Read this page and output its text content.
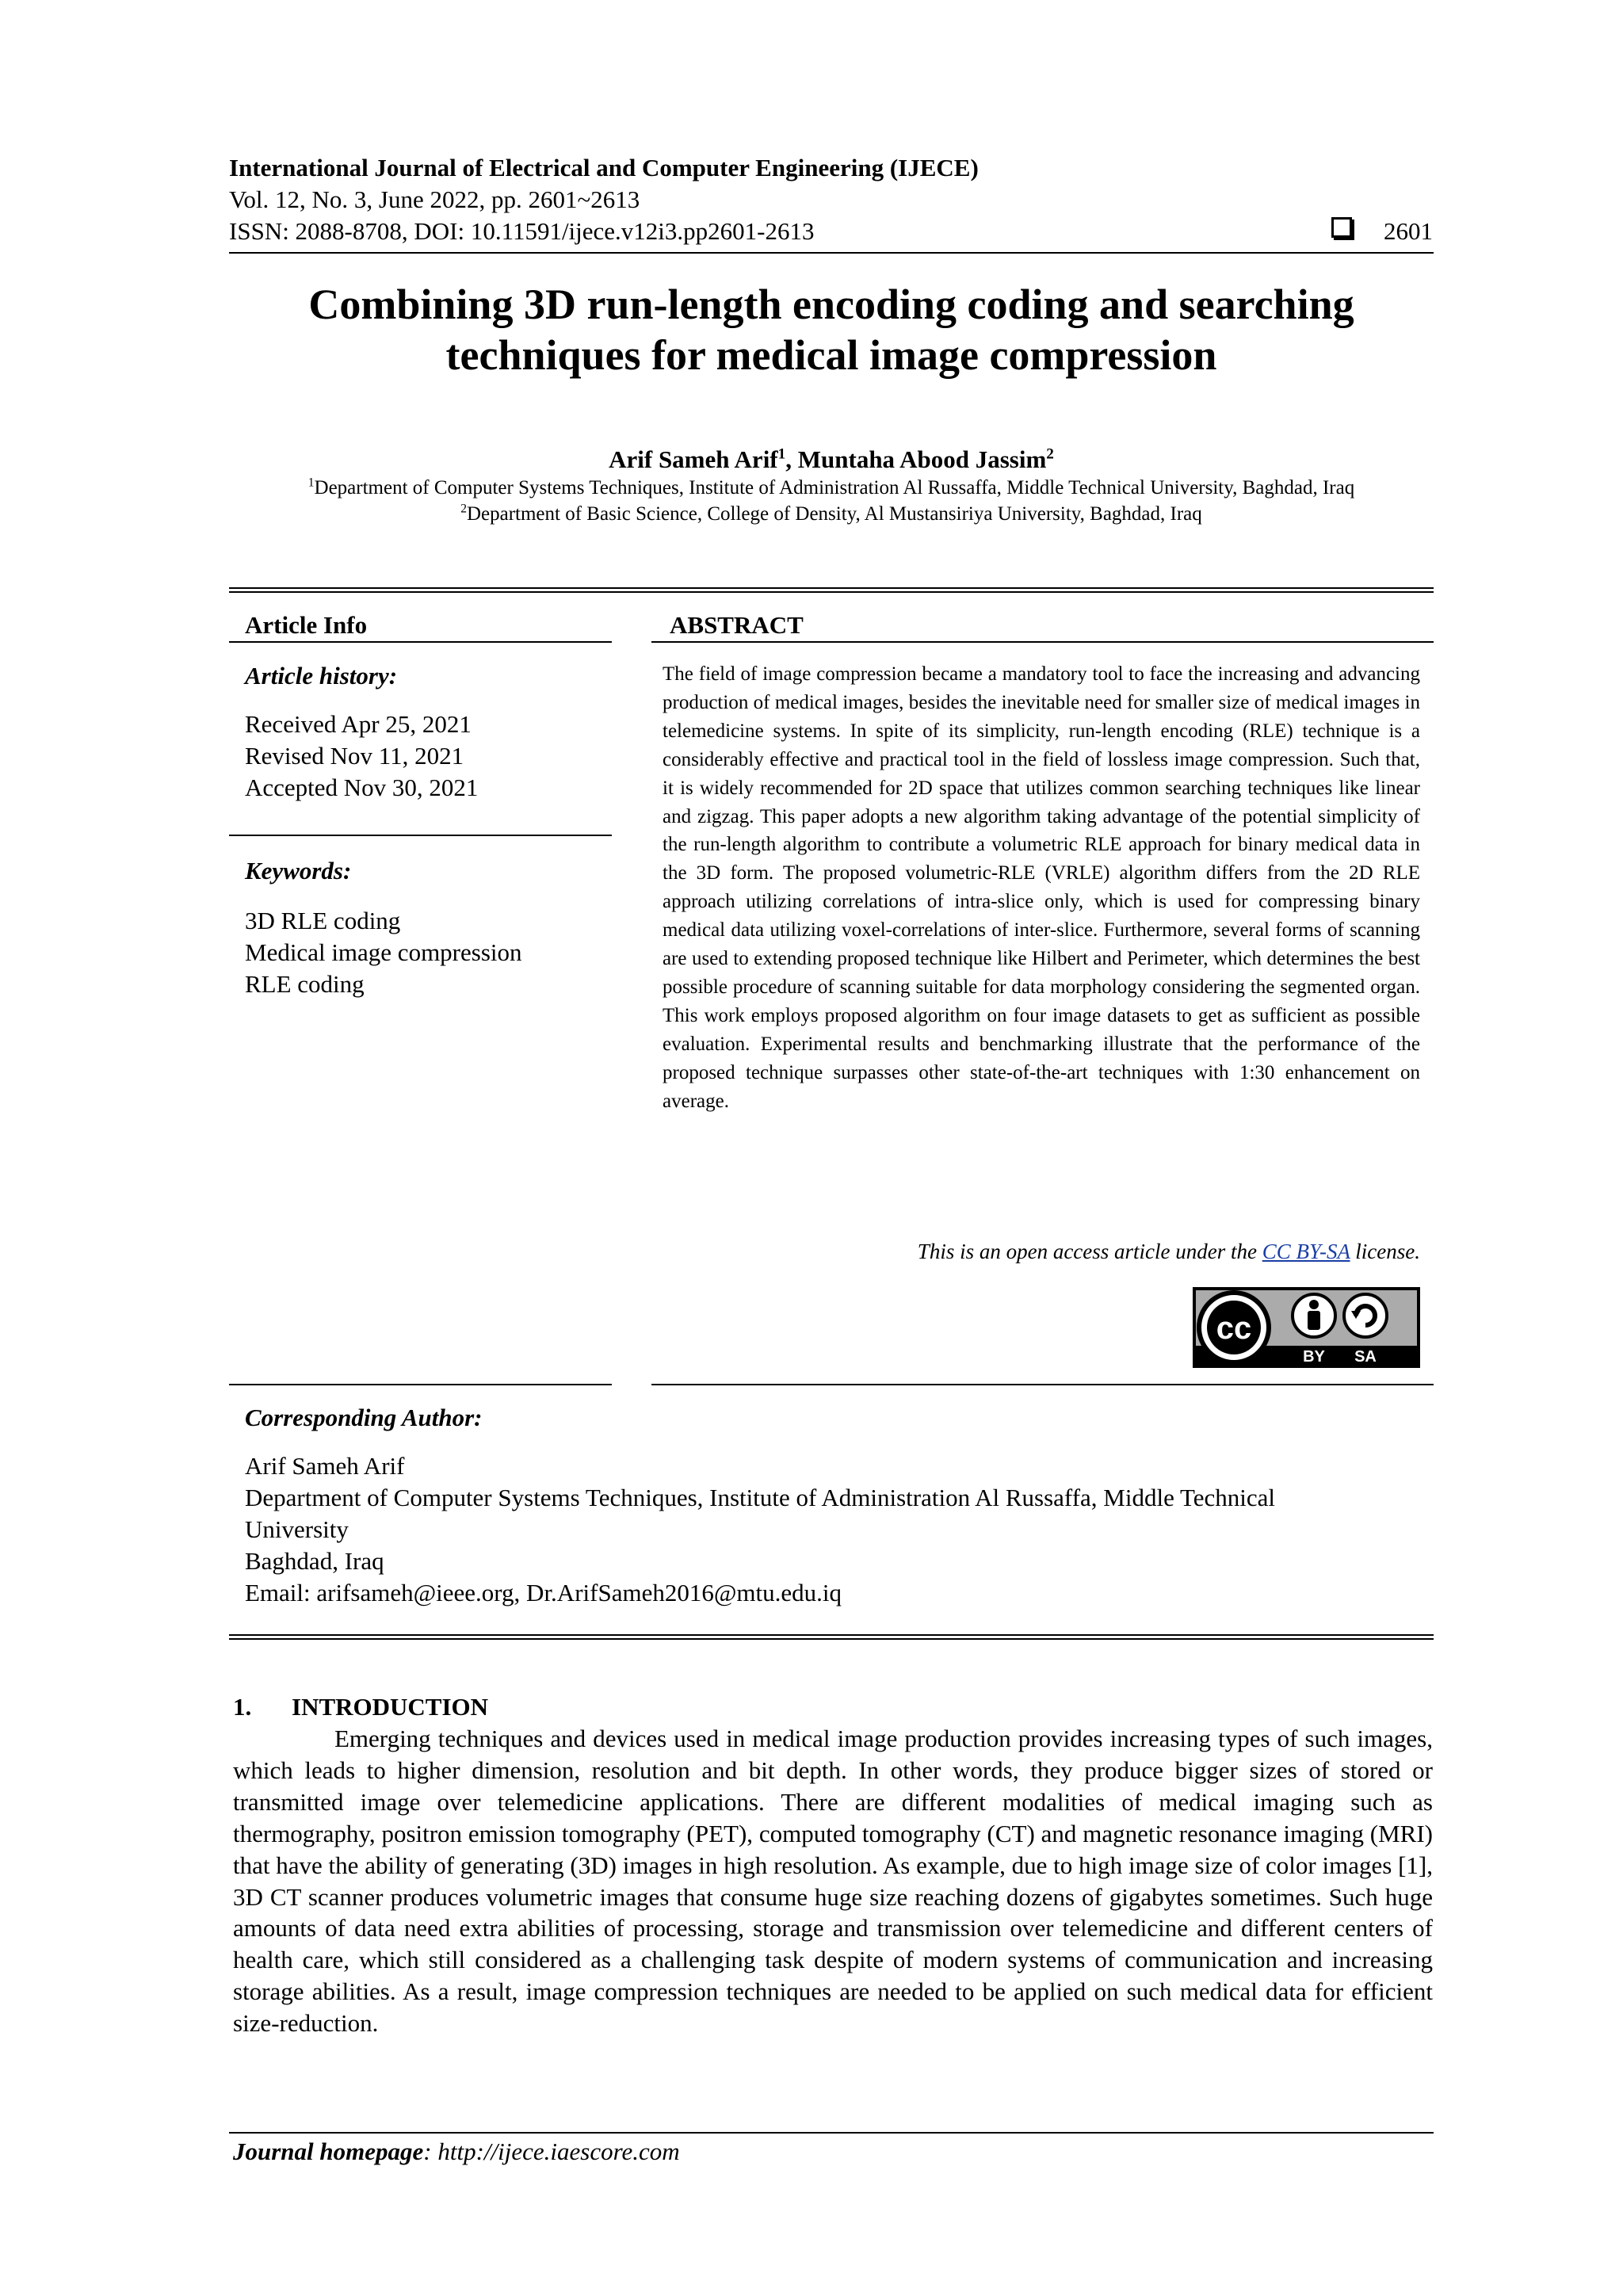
International Journal of Electrical and Computer Engineering (IJECE)
Vol. 12, No. 3, June 2022, pp. 2601~2613
ISSN: 2088-8708, DOI: 10.11591/ijece.v12i3.pp2601-2613	2601
Combining 3D run-length encoding coding and searching
techniques for medical image compression
Arif Sameh Arif$^1$, Muntaha Abood Jassim$^2$
$^1$Department of Computer Systems Techniques, Institute of Administration Al Russaffa, Middle Technical University, Baghdad, Iraq
$^2$Department of Basic Science, College of Density, Al Mustansiriya University, Baghdad, Iraq
Article Info
Article history:
Received Apr 25, 2021
Revised Nov 11, 2021
Accepted Nov 30, 2021
Keywords:
3D RLE coding
Medical image compression
RLE coding
ABSTRACT
The field of image compression became a mandatory tool to face the increasing and advancing production of medical images, besides the inevitable need for smaller size of medical images in telemedicine systems. In spite of its simplicity, run-length encoding (RLE) technique is a considerably effective and practical tool in the field of lossless image compression. Such that, it is widely recommended for 2D space that utilizes common searching techniques like linear and zigzag. This paper adopts a new algorithm taking advantage of the potential simplicity of the run-length algorithm to contribute a volumetric RLE approach for binary medical data in the 3D form. The proposed volumetric-RLE (VRLE) algorithm differs from the 2D RLE approach utilizing correlations of intra-slice only, which is used for compressing binary medical data utilizing voxel-correlations of inter-slice. Furthermore, several forms of scanning are used to extending proposed technique like Hilbert and Perimeter, which determines the best possible procedure of scanning suitable for data morphology considering the segmented organ. This work employs proposed algorithm on four image datasets to get as sufficient as possible evaluation. Experimental results and benchmarking illustrate that the performance of the proposed technique surpasses other state-of-the-art techniques with 1:30 enhancement on average.
This is an open access article under the CC BY-SA license.
cc
BY SA
Corresponding Author:
Arif Sameh Arif
Department of Computer Systems Techniques, Institute of Administration Al Russaffa, Middle Technical
University
Baghdad, Iraq
Email: arifsameh@ieee.org, Dr.ArifSameh2016@mtu.edu.iq
1. INTRODUCTION
Emerging techniques and devices used in medical image production provides increasing types of such images, which leads to higher dimension, resolution and bit depth. In other words, they produce bigger sizes of stored or transmitted image over telemedicine applications. There are different modalities of medical imaging such as thermography, positron emission tomography (PET), computed tomography (CT) and magnetic resonance imaging (MRI) that have the ability of generating (3D) images in high resolution. As example, due to high image size of color images [1], 3D CT scanner produces volumetric images that consume huge size reaching dozens of gigabytes sometimes. Such huge amounts of data need extra abilities of processing, storage and transmission over telemedicine and different centers of health care, which still considered as a challenging task despite of modern systems of communication and increasing storage abilities. As a result, image compression techniques are needed to be applied on such medical data for efficient size-reduction.
Journal homepage: http://ijece.iaescore.com
